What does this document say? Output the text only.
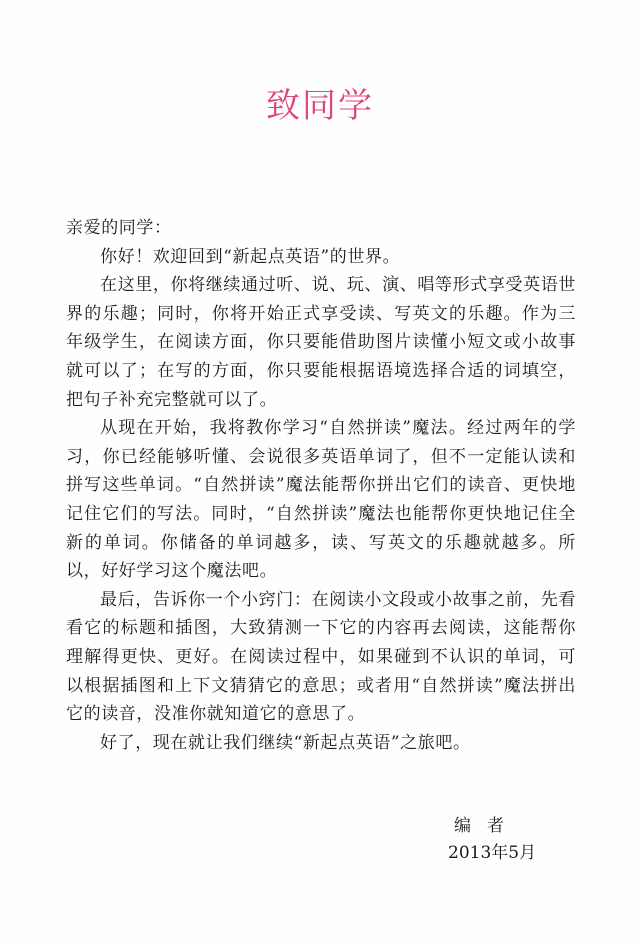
致同学

亲爱的同学：

你好！欢迎回到“新起点英语”的世界。

在这里，你将继续通过听、说、玩、演、唱等形式享受英语世界的乐趣；同时，你将开始正式享受读、写英文的乐趣。作为三年级学生，在阅读方面，你只要能借助图片读懂小短文或小故事就可以了；在写的方面，你只要能根据语境选择合适的词填空，把句子补充完整就可以了。

从现在开始，我将教你学习“自然拼读”魔法。经过两年的学习，你已经能够听懂、会说很多英语单词了，但不一定能认读和拼写这些单词。“自然拼读”魔法能帮你拼出它们的读音、更快地记住它们的写法。同时，“自然拼读”魔法也能帮你更快地记住全新的单词。你储备的单词越多，读、写英文的乐趣就越多。所以，好好学习这个魔法吧。

最后，告诉你一个小窍门：在阅读小文段或小故事之前，先看看它的标题和插图，大致猜测一下它的内容再去阅读，这能帮你理解得更快、更好。在阅读过程中，如果碰到不认识的单词，可以根据插图和上下文猜猜它的意思；或者用“自然拼读”魔法拼出它的读音，没准你就知道它的意思了。

好了，现在就让我们继续“新起点英语”之旅吧。

编者

2013年5月
